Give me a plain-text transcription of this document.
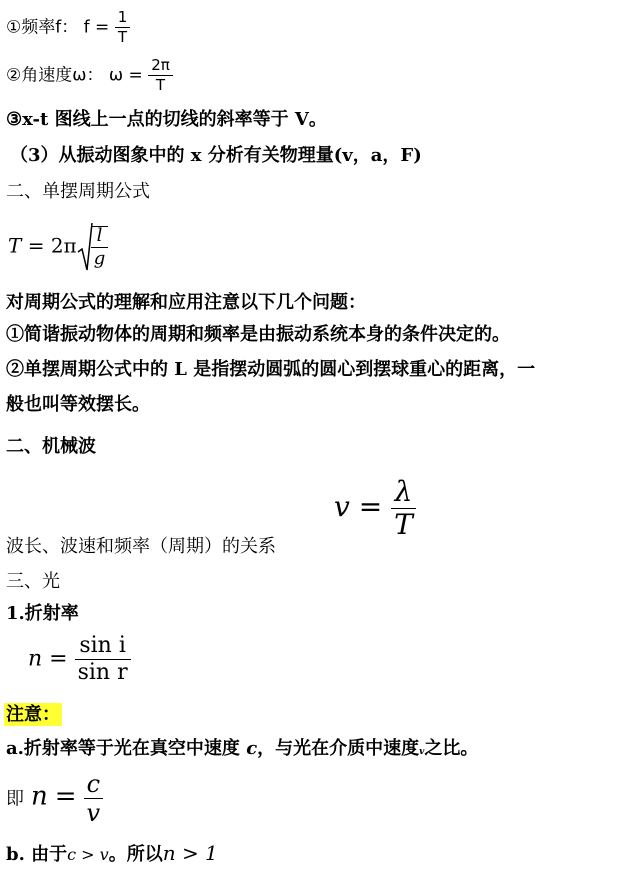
①频率f： $f = \frac{1}{T}$
②角速度ω： $\omega = \frac{2\pi}{T}$
③x-t 图线上一点的切线的斜率等于 V。
（3）从振动图象中的 x 分析有关物理量(v，a，F)
二、单摆周期公式
$T = 2\pi \frac{l}{g}$
对周期公式的理解和应用注意以下几个问题：
①简谐振动物体的周期和频率是由振动系统本身的条件决定的。
②单摆周期公式中的 L 是指摆动圆弧的圆心到摆球重心的距离，一
般也叫等效摆长。
二、机械波
波长、波速和频率（周期）的关系
$v = \frac{\lambda}{T}$
三、光
1.折射率
$n = \frac{\text{sin i}}{\text{sin r}}$
注意：
a.折射率等于光在真空中速度 c，与光在介质中速度v之比。
即 $n = \frac{c}{v}$
b. 由于c > v。所以n > 1
